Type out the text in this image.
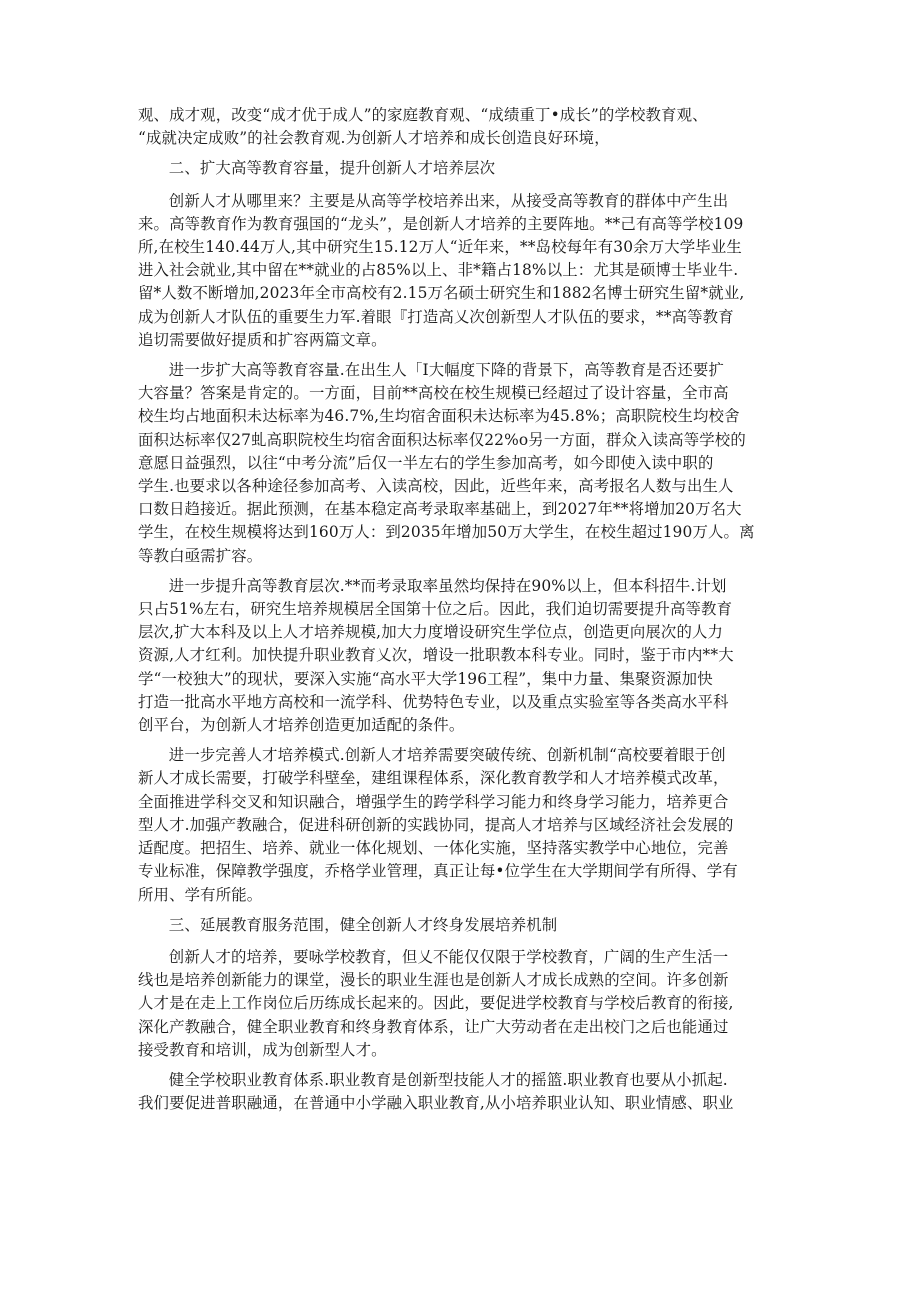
观、成才观，改变“成才优于成人”的家庭教育观、“成绩重丁•成长”的学校教育观、
“成就决定成败”的社会教育观.为创新人才培养和成长创造良好环境，

二、扩大高等教育容量，提升创新人才培养层次

创新人才从哪里来？主要是从高等学校培养出来，从接受高等教育的群体中产生出
来。高等教育作为教育强国的“龙头”，是创新人才培养的主要阵地。**己有高等学校109
所,在校生140.44万人,其中研究生15.12万人“近年来，**岛校每年有30余万大学毕业生
进入社会就业,其中留在**就业的占85%以上、非*籍占18%以上：尤其是硕博士毕业牛.
留*人数不断增加,2023年全市高校有2.15万名硕士研究生和1882名博士研究生留*就业,
成为创新人才队伍的重要生力军.着眼『打造高乂次创新型人才队伍的要求，**高等教育
追切需要做好提质和扩容两篇文章。

进一步扩大高等教育容量.在出生人「I大幅度下降的背景下，高等教育是否还要扩
大容量？答案是肯定的。一方面，目前**高校在校生规模已经超过了设计容量，全市高
校生均占地面积未达标率为46.7%,生均宿舍面积未达标率为45.8%；高职院校生均校舍
面积达标率仅27虬高职院校生均宿舍面积达标率仅22%o另一方面，群众入读高等学校的
意愿日益强烈，以往“中考分流”后仅一半左右的学生参加高考，如今即使入读中职的
学生.也要求以各种途径参加高考、入读高校，因此，近些年来，高考报名人数与出生人
口数日趋接近。据此预测，在基本稳定高考录取率基础上，到2027年**将增加20万名大
学生，在校生规模将达到160万人：到2035年增加50万大学生，在校生超过190万人。离
等教白亟需扩容。

进一步提升高等教育层次.**而考录取率虽然均保持在90%以上，但本科招牛.计划
只占51%左右，研究生培养规模居全国第十位之后。因此，我们迫切需要提升高等教育
层次,扩大本科及以上人才培养规模,加大力度增设研究生学位点，创造更向展次的人力
资源,人才红利。加快提升职业教育乂次，增设一批职教本科专业。同时，鉴于市内**大
学“一校独大”的现状，要深入实施“高水平大学196工程”，集中力量、集聚资源加快
打造一批高水平地方高校和一流学科、优势特色专业，以及重点实验室等各类高水平科
创平台，为创新人才培养创造更加适配的条件。

进一步完善人才培养模式.创新人才培养需要突破传统、创新机制“高校要着眼于创
新人才成长需要，打破学科壁垒，建组课程体系，深化教育教学和人才培养模式改革，
全面推进学科交叉和知识融合，增强学生的跨学科学习能力和终身学习能力，培养更合
型人才.加强产教融合，促进科研创新的实践协同，提高人才培养与区域经济社会发展的
适配度。把招生、培养、就业一体化规划、一体化实施，坚持落实教学中心地位，完善
专业标准，保障教学强度，乔格学业管理，真正让每•位学生在大学期间学有所得、学有
所用、学有所能。

三、延展教育服务范围，健全创新人才终身发展培养机制

创新人才的培养，要咏学校教育，但乂不能仅仅限于学校教育，广阔的生产生活一
线也是培养创新能力的课堂，漫长的职业生涯也是创新人才成长成熟的空间。许多创新
人才是在走上工作岗位后历练成长起来的。因此，要促进学校教育与学校后教育的衔接,
深化产教融合，健全职业教育和终身教育体系，让广大劳动者在走出校门之后也能通过
接受教育和培训，成为创新型人才。

健全学校职业教育体系.职业教育是创新型技能人才的摇篮.职业教育也要从小抓起.
我们要促进普职融通，在普通中小学融入职业教育,从小培养职业认知、职业情感、职业
